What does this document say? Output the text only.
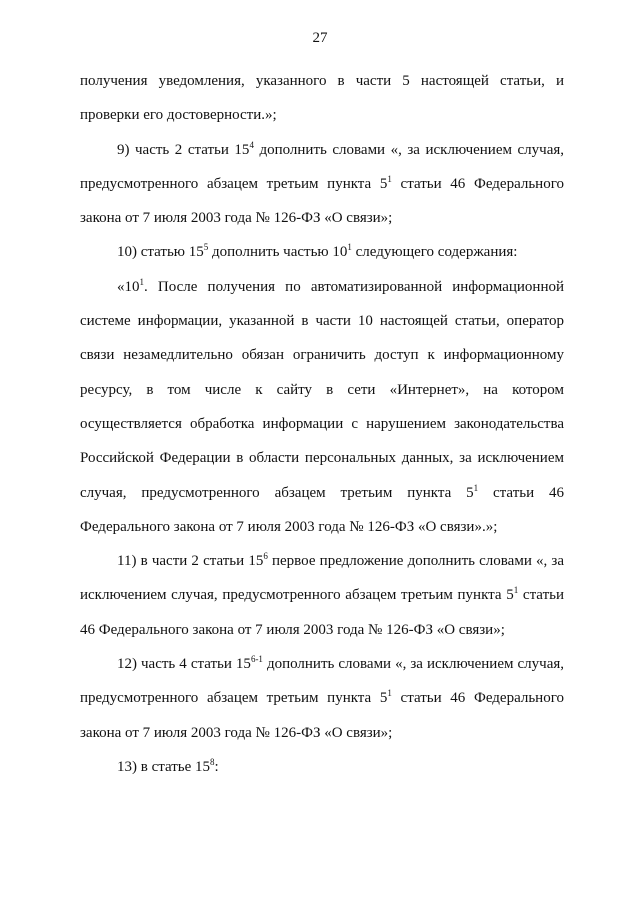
27

получения уведомления, указанного в части 5 настоящей статьи, и проверки его достоверности.»;

9) часть 2 статьи $15^4$ дополнить словами «, за исключением случая, предусмотренного абзацем третьим пункта $5^1$ статьи 46 Федерального закона от 7 июля 2003 года № 126-ФЗ «О связи»;

10) статью $15^5$ дополнить частью $10^1$ следующего содержания:

«$10^1$. После получения по автоматизированной информационной системе информации, указанной в части 10 настоящей статьи, оператор связи незамедлительно обязан ограничить доступ к информационному ресурсу, в том числе к сайту в сети «Интернет», на котором осуществляется обработка информации с нарушением законодательства Российской Федерации в области персональных данных, за исключением случая, предусмотренного абзацем третьим пункта $5^1$ статьи 46 Федерального закона от 7 июля 2003 года № 126-ФЗ «О связи».»;

11) в части 2 статьи $15^6$ первое предложение дополнить словами «, за исключением случая, предусмотренного абзацем третьим пункта $5^1$ статьи 46 Федерального закона от 7 июля 2003 года № 126-ФЗ «О связи»;

12) часть 4 статьи 15$^{6-1}$ дополнить словами «, за исключением случая, предусмотренного абзацем третьим пункта $5^1$ статьи 46 Федерального закона от 7 июля 2003 года № 126-ФЗ «О связи»;

13) в статье $15^8$:
